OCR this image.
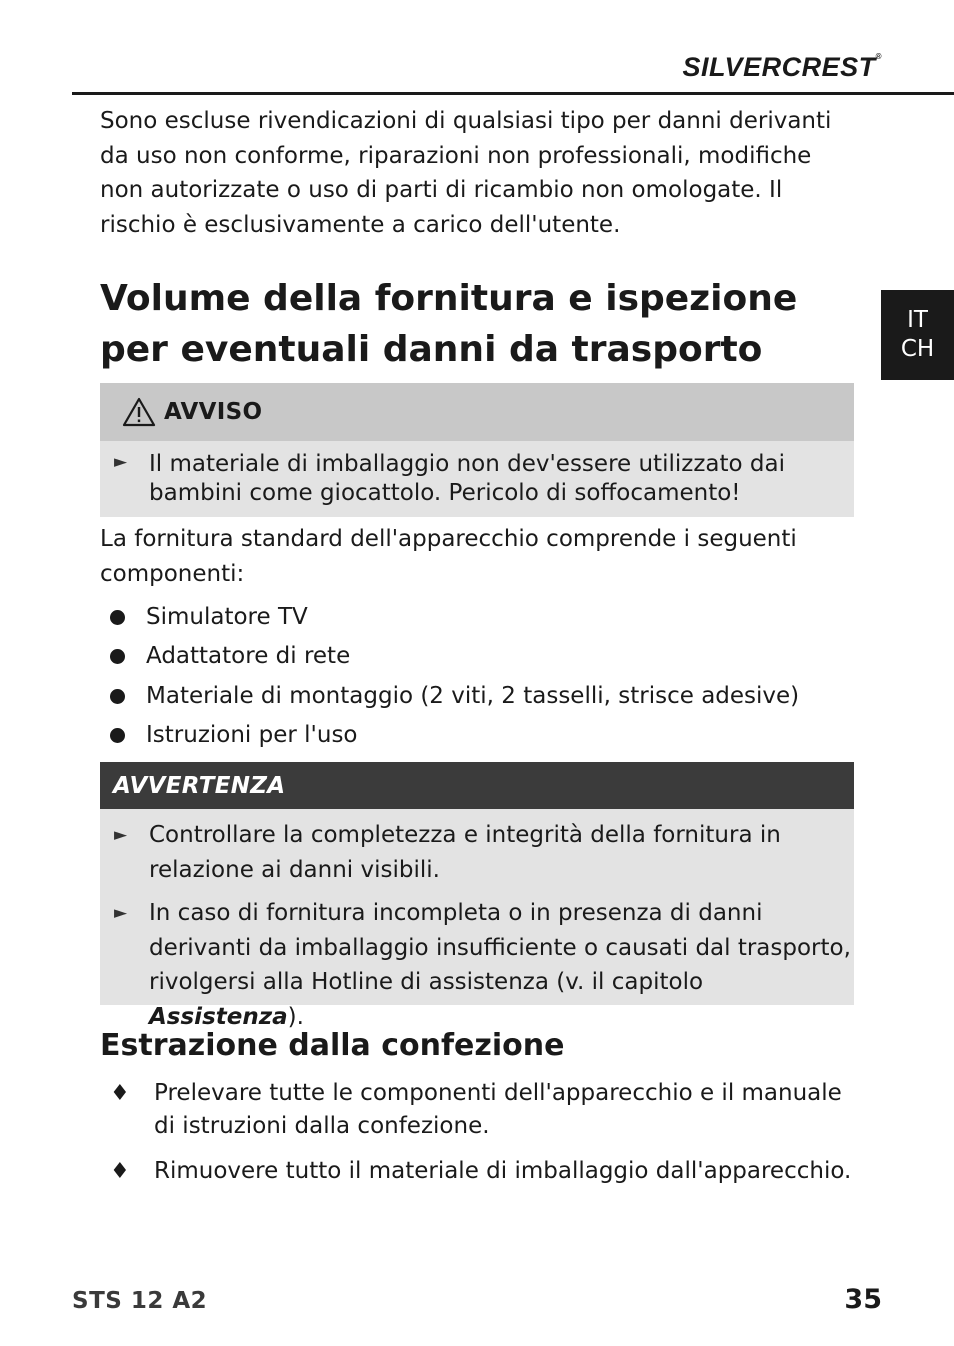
SILVERCREST®
IT
CH
Sono escluse rivendicazioni di qualsiasi tipo per danni derivanti da uso non conforme, riparazioni non professionali, modifiche non autorizzate o uso di parti di ricambio non omologate. Il rischio è esclusivamente a carico dell'utente.
Volume della fornitura e ispezione per eventuali danni da trasporto
AVVISO
► Il materiale di imballaggio non dev'essere utilizzato dai bambini come giocattolo. Pericolo di soffocamento!
La fornitura standard dell'apparecchio comprende i seguenti componenti:
Simulatore TV
Adattatore di rete
Materiale di montaggio (2 viti, 2 tasselli, strisce adesive)
Istruzioni per l'uso
AVVERTENZA
► Controllare la completezza e integrità della fornitura in relazione ai danni visibili.
► In caso di fornitura incompleta o in presenza di danni derivanti da imballaggio insufficiente o causati dal trasporto, rivolgersi alla Hotline di assistenza (v. il capitolo Assistenza).
Estrazione dalla confezione
♦ Prelevare tutte le componenti dell'apparecchio e il manuale di istruzioni dalla confezione.
♦ Rimuovere tutto il materiale di imballaggio dall'apparecchio.
STS 12 A2	35
